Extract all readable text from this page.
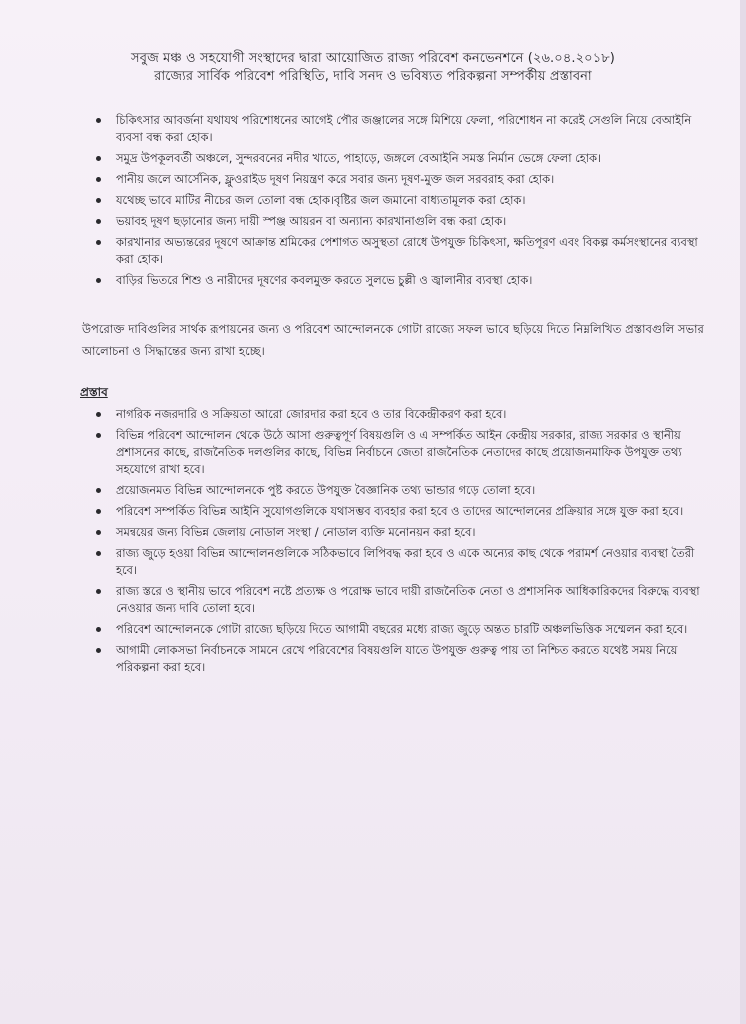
সবুজ মঞ্চ ও সহযোগী সংস্থাদের দ্বারা আয়োজিত রাজ্য পরিবেশ কনভেনশনে (২৬.০৪.২০১৮)
রাজ্যের সার্বিক পরিবেশ পরিস্থিতি, দাবি সনদ ও ভবিষ্যত পরিকল্পনা সম্পর্কীয় প্রস্তাবনা
চিকিৎসার আবর্জনা যথাযথ পরিশোধনের আগেই পৌর জঞ্জালের সঙ্গে মিশিয়ে ফেলা, পরিশোধন না করেই সেগুলি নিয়ে বেআইনি ব্যবসা বন্ধ করা হোক।
সমুদ্র উপকূলবর্তী অঞ্চলে, সুন্দরবনের নদীর খাতে, পাহাড়ে, জঙ্গলে বেআইনি সমস্ত নির্মান ভেঙ্গে ফেলা হোক।
পানীয় জলে আর্সেনিক, ফ্লুওরাইড দূষণ নিয়ন্ত্রণ করে সবার জন্য দূষণ-মুক্ত জল সরবরাহ করা হোক।
যথেচ্ছ ভাবে মাটির নীচের জল তোলা বন্ধ হোক।বৃষ্টির জল জমানো বাধ্যতামূলক করা হোক।
ভয়াবহ দূষণ ছড়ানোর জন্য দায়ী স্পঞ্জ আয়রন বা অন্যান্য কারখানাগুলি বন্ধ করা হোক।
কারখানার অভ্যন্তরের দূষণে আক্রান্ত শ্রমিকের পেশাগত অসুস্থতা রোধে উপযুক্ত চিকিৎসা, ক্ষতিপূরণ এবং বিকল্প কর্মসংস্থানের ব্যবস্থা করা হোক।
বাড়ির ভিতরে শিশু ও নারীদের দূষণের কবলমুক্ত করতে সুলভে চুল্লী ও জ্বালানীর ব্যবস্থা হোক।
উপরোক্ত দাবিগুলির সার্থক রূপায়নের জন্য ও পরিবেশ আন্দোলনকে গোটা রাজ্যে সফল ভাবে ছড়িয়ে দিতে নিম্নলিখিত প্রস্তাবগুলি সভার আলোচনা ও সিদ্ধান্তের জন্য রাখা হচ্ছে।
প্রস্তাব
নাগরিক নজরদারি ও সক্রিয়তা আরো জোরদার করা হবে ও তার বিকেন্দ্রীকরণ করা হবে।
বিভিন্ন পরিবেশ আন্দোলন থেকে উঠে আসা গুরুত্বপূর্ণ বিষয়গুলি ও এ সম্পর্কিত আইন কেন্দ্রীয় সরকার, রাজ্য সরকার ও স্থানীয় প্রশাসনের কাছে, রাজনৈতিক দলগুলির কাছে, বিভিন্ন নির্বাচনে জেতা রাজনৈতিক নেতাদের কাছে প্রয়োজনমাফিক উপযুক্ত তথ্য সহযোগে রাখা হবে।
প্রয়োজনমত বিভিন্ন আন্দোলনকে পুষ্ট করতে উপযুক্ত বৈজ্ঞানিক তথ্য ভান্ডার গড়ে তোলা হবে।
পরিবেশ সম্পর্কিত বিভিন্ন আইনি সুযোগগুলিকে যথাসম্ভব ব্যবহার করা হবে ও তাদের আন্দোলনের প্রক্রিয়ার সঙ্গে যুক্ত করা হবে।
সমন্বয়ের জন্য বিভিন্ন জেলায় নোডাল সংস্থা / নোডাল ব্যক্তি মনোনয়ন করা হবে।
রাজ্য জুড়ে হওয়া বিভিন্ন আন্দোলনগুলিকে সঠিকভাবে লিপিবদ্ধ করা হবে ও একে অন্যের কাছ থেকে পরামর্শ নেওয়ার ব্যবস্থা তৈরী হবে।
রাজ্য স্তরে ও স্থানীয় ভাবে পরিবেশ নষ্টে প্রত্যক্ষ ও পরোক্ষ ভাবে দায়ী রাজনৈতিক নেতা ও প্রশাসনিক আধিকারিকদের বিরুদ্ধে ব্যবস্থা নেওয়ার জন্য দাবি তোলা হবে।
পরিবেশ আন্দোলনকে গোটা রাজ্যে ছড়িয়ে দিতে আগামী বছরের মধ্যে রাজ্য জুড়ে অন্তত চারটি অঞ্চলভিত্তিক সম্মেলন করা হবে।
আগামী লোকসভা নির্বাচনকে সামনে রেখে পরিবেশের বিষয়গুলি যাতে উপযুক্ত গুরুত্ব পায় তা নিশ্চিত করতে যথেষ্ট সময় নিয়ে পরিকল্পনা করা হবে।
